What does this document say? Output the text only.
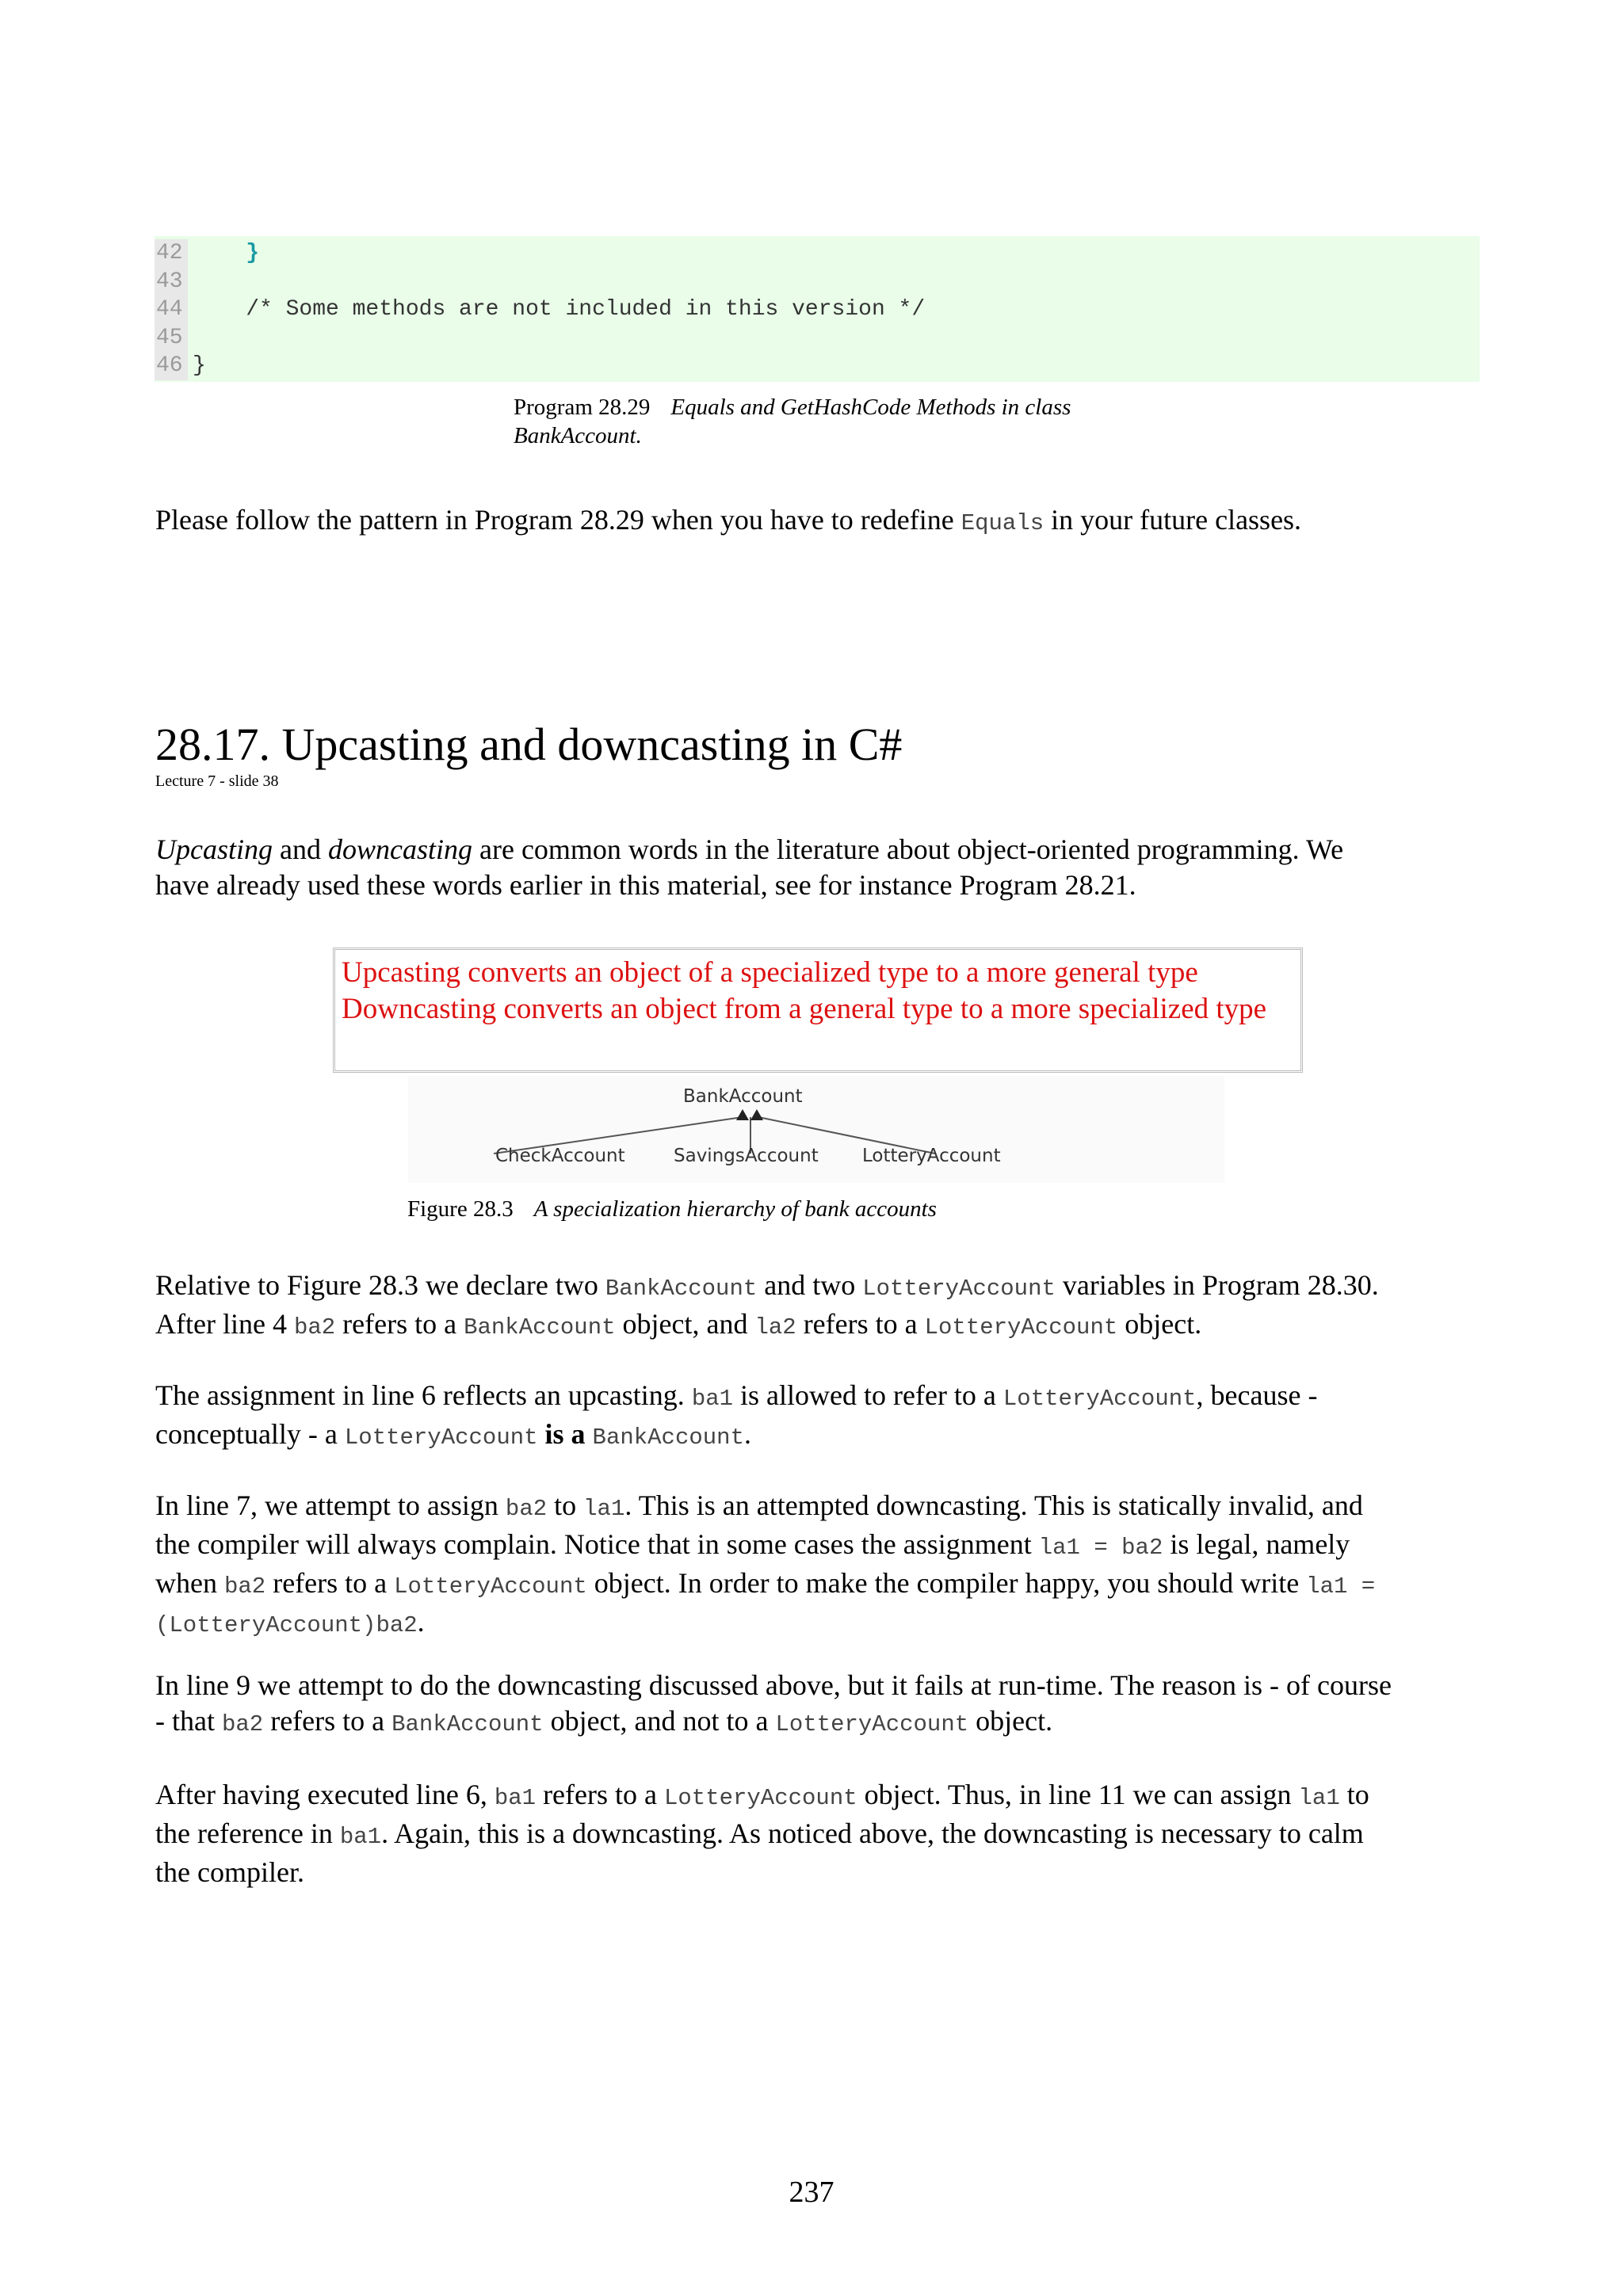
42 }
43
44 /* Some methods are not included in this version */
45
46 }
Program 28.29 Equals and GetHashCode Methods in class
BankAccount.
Please follow the pattern in Program 28.29 when you have to redefine Equals in your future classes.
28.17. Upcasting and downcasting in C#
Lecture 7 - slide 38
Upcasting and downcasting are common words in the literature about object-oriented programming. We
have already used these words earlier in this material, see for instance Program 28.21.
Upcasting converts an object of a specialized type to a more general type
Downcasting converts an object from a general type to a more specialized type
BankAccount
CheckAccount	SavingsAccount LotteryAccount
Figure 28.3 A specialization hierarchy of bank accounts
Relative to Figure 28.3 we declare two BankAccount and two LotteryAccount variables in Program 28.30.
After line 4 ba2 refers to a BankAccount object, and la2 refers to a LotteryAccount object.
The assignment in line 6 reflects an upcasting. ba1 is allowed to refer to a LotteryAccount, because -
conceptually - a LotteryAccount is a BankAccount.
In line 7, we attempt to assign ba2 to la1. This is an attempted downcasting. This is statically invalid, and
the compiler will always complain. Notice that in some cases the assignment la1 = ba2 is legal, namely
when ba2 refers to a LotteryAccount object. In order to make the compiler happy, you should write la1 =
(LotteryAccount)ba2.
In line 9 we attempt to do the downcasting discussed above, but it fails at run-time. The reason is - of course
- that ba2 refers to a BankAccount object, and not to a LotteryAccount object.
After having executed line 6, ba1 refers to a LotteryAccount object. Thus, in line 11 we can assign la1 to
the reference in ba1. Again, this is a downcasting. As noticed above, the downcasting is necessary to calm
the compiler.
237
